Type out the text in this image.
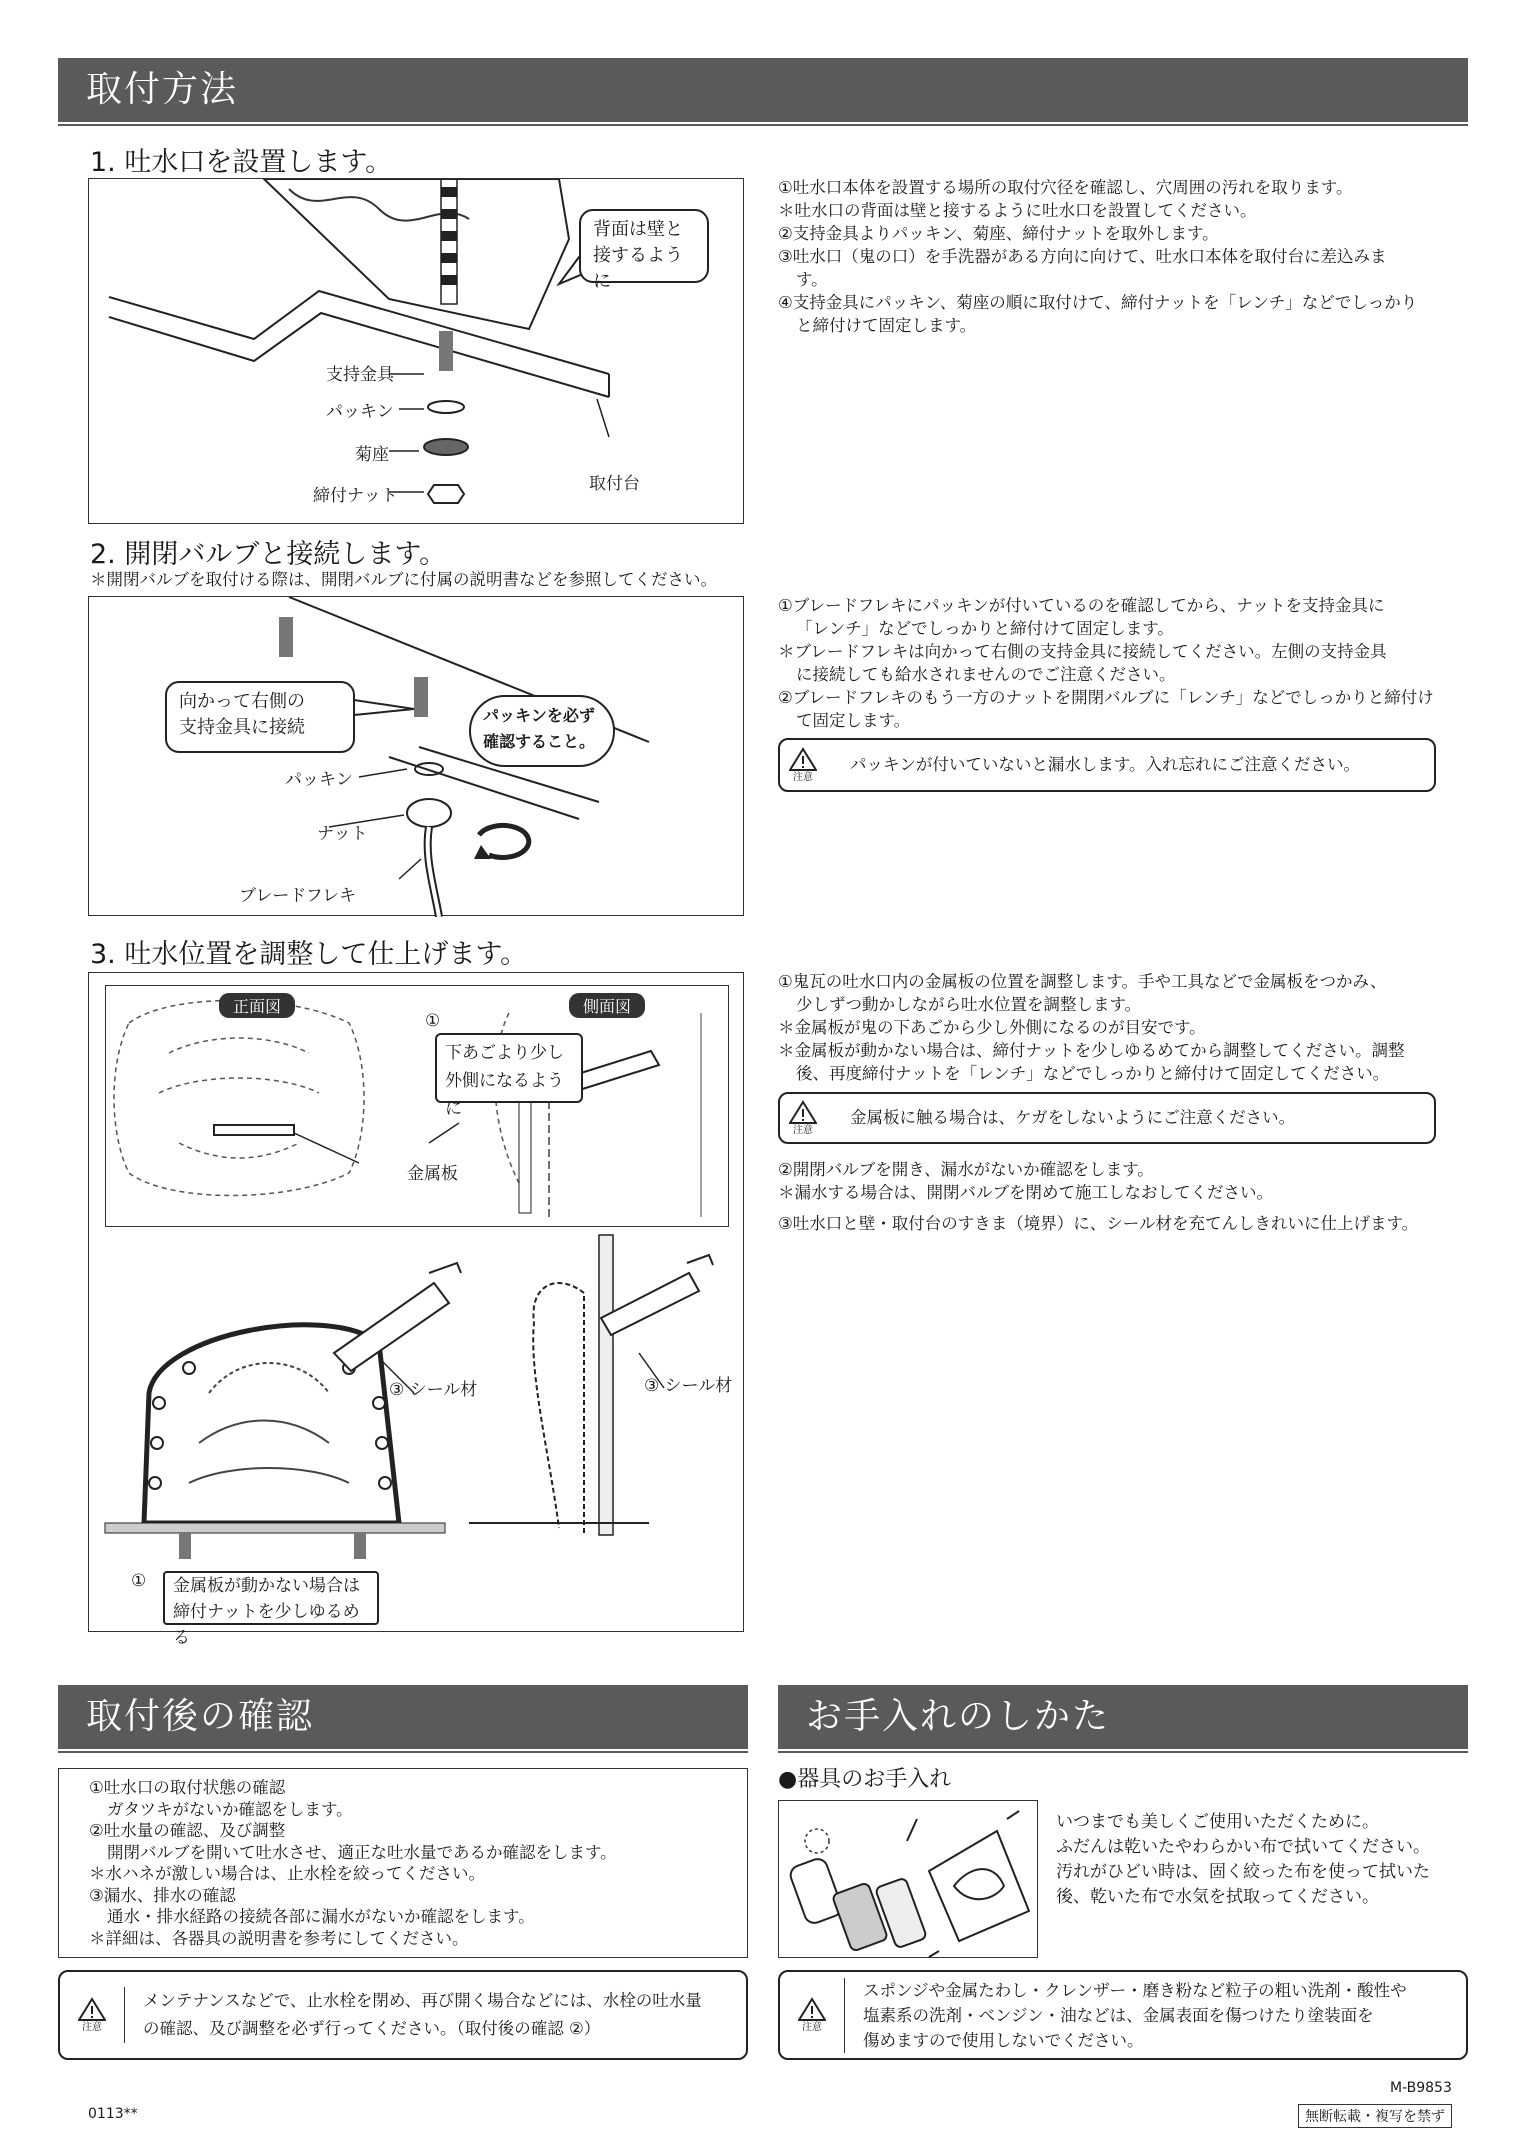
取付方法
1. 吐水口を設置します。
背面は壁と
接するように
支持金具
パッキン
菊座
締付ナット
取付台
①吐水口本体を設置する場所の取付穴径を確認し、穴周囲の汚れを取ります。
＊吐水口の背面は壁と接するように吐水口を設置してください。
②支持金具よりパッキン、菊座、締付ナットを取外します。
③吐水口（鬼の口）を手洗器がある方向に向けて、吐水口本体を取付台に差込みま
す。
④支持金具にパッキン、菊座の順に取付けて、締付ナットを「レンチ」などでしっかり
と締付けて固定します。
2. 開閉バルブと接続します。
＊開閉バルブを取付ける際は、開閉バルブに付属の説明書などを参照してください。
向かって右側の
支持金具に接続
パッキンを必ず
確認すること。
パッキン
ナット
ブレードフレキ
①ブレードフレキにパッキンが付いているのを確認してから、ナットを支持金具に
「レンチ」などでしっかりと締付けて固定します。
＊ブレードフレキは向かって右側の支持金具に接続してください。左側の支持金具
に接続しても給水されませんのでご注意ください。
②ブレードフレキのもう一方のナットを開閉バルブに「レンチ」などでしっかりと締付け
て固定します。
注意
パッキンが付いていないと漏水します。入れ忘れにご注意ください。
3. 吐水位置を調整して仕上げます。
正面図	側面図
①
下あごより少し
外側になるように
金属板
③ シール材	③ シール材
① 金属板が動かない場合は
締付ナットを少しゆるめる
①鬼瓦の吐水口内の金属板の位置を調整します。手や工具などで金属板をつかみ、
少しずつ動かしながら吐水位置を調整します。
＊金属板が鬼の下あごから少し外側になるのが目安です。
＊金属板が動かない場合は、締付ナットを少しゆるめてから調整してください。調整
後、再度締付ナットを「レンチ」などでしっかりと締付けて固定してください。
注意
金属板に触る場合は、ケガをしないようにご注意ください。
②開閉バルブを開き、漏水がないか確認をします。
＊漏水する場合は、開閉バルブを閉めて施工しなおしてください。
③吐水口と壁・取付台のすきま（境界）に、シール材を充てんしきれいに仕上げます。
取付後の確認
①吐水口の取付状態の確認
ガタツキがないか確認をします。
②吐水量の確認、及び調整
開閉バルブを開いて吐水させ、適正な吐水量であるか確認をします。
＊水ハネが激しい場合は、止水栓を絞ってください。
③漏水、排水の確認
通水・排水経路の接続各部に漏水がないか確認をします。
＊詳細は、各器具の説明書を参考にしてください。
注意
メンテナンスなどで、止水栓を閉め、再び開く場合などには、水栓の吐水量
の確認、及び調整を必ず行ってください。（取付後の確認 ②）
お手入れのしかた
●器具のお手入れ
いつまでも美しくご使用いただくために。
ふだんは乾いたやわらかい布で拭いてください。
汚れがひどい時は、固く絞った布を使って拭いた
後、乾いた布で水気を拭取ってください。
注意
スポンジや金属たわし・クレンザー・磨き粉など粒子の粗い洗剤・酸性や
塩素系の洗剤・ベンジン・油などは、金属表面を傷つけたり塗装面を
傷めますので使用しないでください。
0113**
M-B9853
無断転載・複写を禁ず
